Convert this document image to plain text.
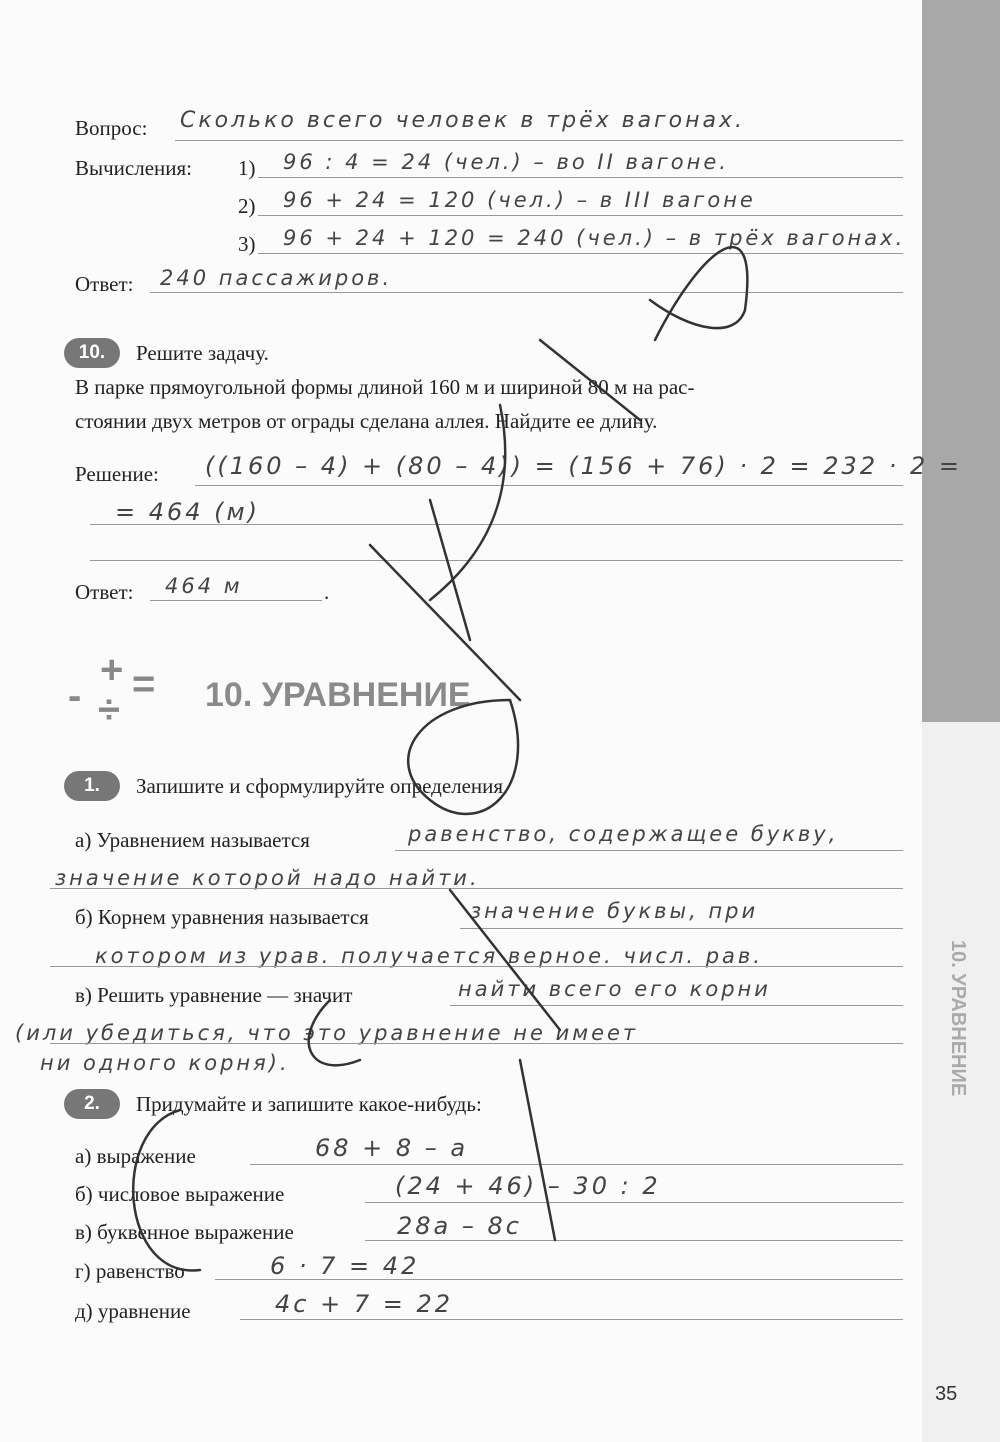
10. УРАВНЕНИЕ
Вопрос: Сколько всего человек в трёх вагонах.
Вычисления: 1) 96 : 4 = 24 (чел.) – во II вагоне.
2) 96 + 24 = 120 (чел.) – в III вагоне
3) 96 + 24 + 120 = 240 (чел.) – в трёх вагонах.
Ответ: 240 пассажиров.
10.	Решите задачу.
В парке прямоугольной формы длиной 160 м и шириной 80 м на рас-
стоянии двух метров от ограды сделана аллея. Найдите ее длину.
Решение: ((160 – 4) + (80 – 4)) = (156 + 76) · 2 = 232 · 2 =
= 464 (м)
Ответ: 464 м	.
-
+ =
÷	10. УРАВНЕНИЕ
1.	Запишите и сформулируйте определения.
а) Уравнением называется	равенство, содержащее букву,
значение которой надо найти.
б) Корнем уравнения называется	значение буквы, при
котором из урав. получается верное. числ. рав.
в) Решить уравнение — значит	найти всего его корни
(или убедиться, что это уравнение не имеет
ни одного корня).
2.	Придумайте и запишите какое-нибудь:
а) выражение	68 + 8 – a
б) числовое выражение	(24 + 46) – 30 : 2
в) буквенное выражение	28a – 8c
г) равенство	6 · 7 = 42
д) уравнение	4c + 7 = 22
35
